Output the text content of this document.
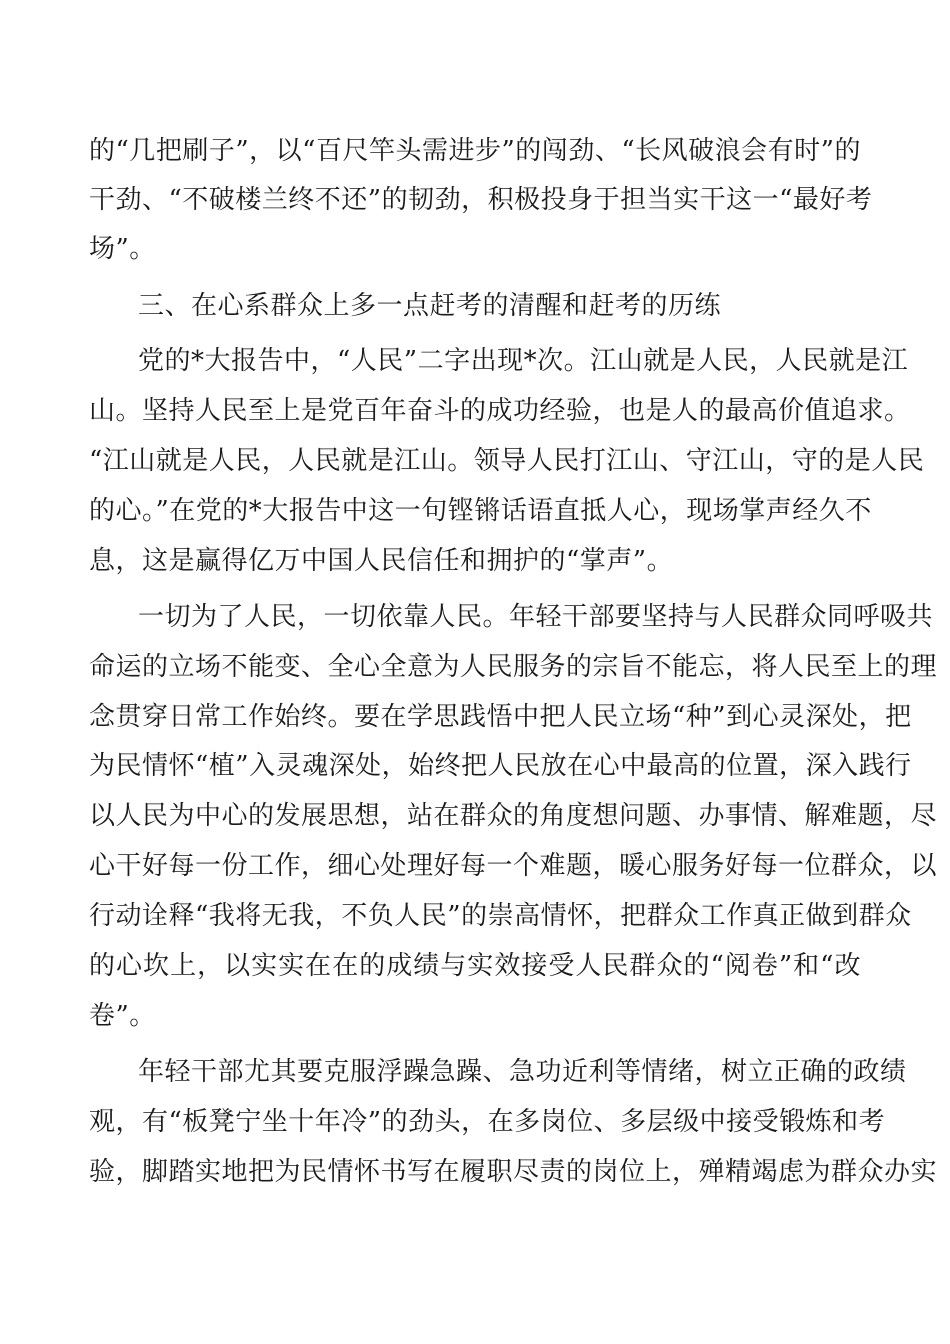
的“几把刷子”，以“百尺竿头需进步”的闯劲、“长风破浪会有时”的
干劲、“不破楼兰终不还”的韧劲，积极投身于担当实干这一“最好考
场”。
三、在心系群众上多一点赶考的清醒和赶考的历练
党的*大报告中，“人民”二字出现*次。江山就是人民，人民就是江
山。坚持人民至上是党百年奋斗的成功经验，也是人的最高价值追求。
“江山就是人民，人民就是江山。领导人民打江山、守江山，守的是人民
的心。”在党的*大报告中这一句铿锵话语直抵人心，现场掌声经久不
息，这是赢得亿万中国人民信任和拥护的“掌声”。
一切为了人民，一切依靠人民。年轻干部要坚持与人民群众同呼吸共
命运的立场不能变、全心全意为人民服务的宗旨不能忘，将人民至上的理
念贯穿日常工作始终。要在学思践悟中把人民立场“种”到心灵深处，把
为民情怀“植”入灵魂深处，始终把人民放在心中最高的位置，深入践行
以人民为中心的发展思想，站在群众的角度想问题、办事情、解难题，尽
心干好每一份工作，细心处理好每一个难题，暖心服务好每一位群众，以
行动诠释“我将无我，不负人民”的崇高情怀，把群众工作真正做到群众
的心坎上，以实实在在的成绩与实效接受人民群众的“阅卷”和“改
卷”。
年轻干部尤其要克服浮躁急躁、急功近利等情绪，树立正确的政绩
观，有“板凳宁坐十年冷”的劲头，在多岗位、多层级中接受锻炼和考
验，脚踏实地把为民情怀书写在履职尽责的岗位上，殚精竭虑为群众办实
